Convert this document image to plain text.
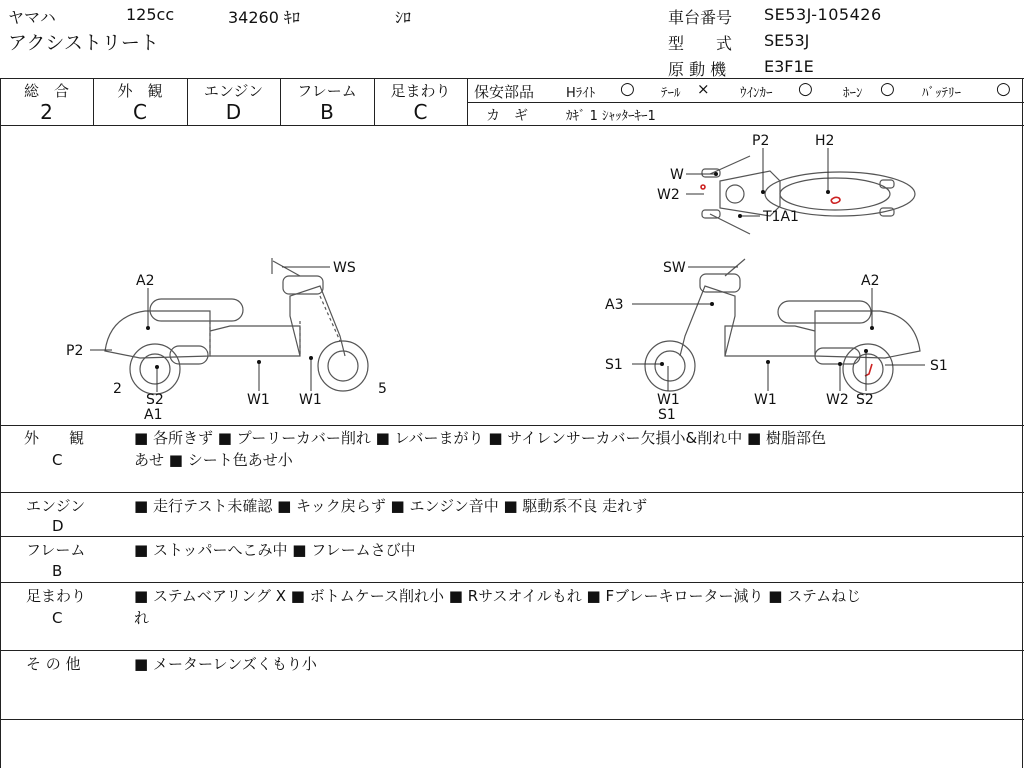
ヤマハ	125cc	34260 ｷﾛ	ｼﾛ
アクシストリート
車台番号 SE53J-105426
型　　式 SE53J
原 動 機 E3F1E
総　合
2
外　観
C
エンジン
D
フレーム
B
足まわり
C
保安部品 Hﾗｲﾄ ○ ﾃｰﾙ × ｳｲﾝｶｰ ○ ﾎｰﾝ ○ ﾊﾞｯﾃﾘｰ ○
カ　ギ	ｶｷﾞ 1 ｼｬｯﾀｰｷｰ1
WS
A2
P2
2
S2
A1
W1 W1
5
SW
A3
A2
S1
W1
S1
W1	W2 S2
S1
P2	H2
W
W2
T1A1
外　　観
C
■ 各所きず ■ プーリーカバー削れ ■ レバーまがり ■ サイレンサーカバー欠損小&削れ中 ■ 樹脂部色
あせ ■ シート色あせ小
エンジン
D
■ 走行テスト未確認 ■ キック戻らず ■ エンジン音中 ■ 駆動系不良 走れず
フレーム
B
■ ストッパーへこみ中 ■ フレームさび中
足まわり
C
■ ステムベアリング X ■ ボトムケース削れ小 ■ Rサスオイルもれ ■ Fブレーキローター減り ■ ステムねじ
れ
そ の 他	■ メーターレンズくもり小
